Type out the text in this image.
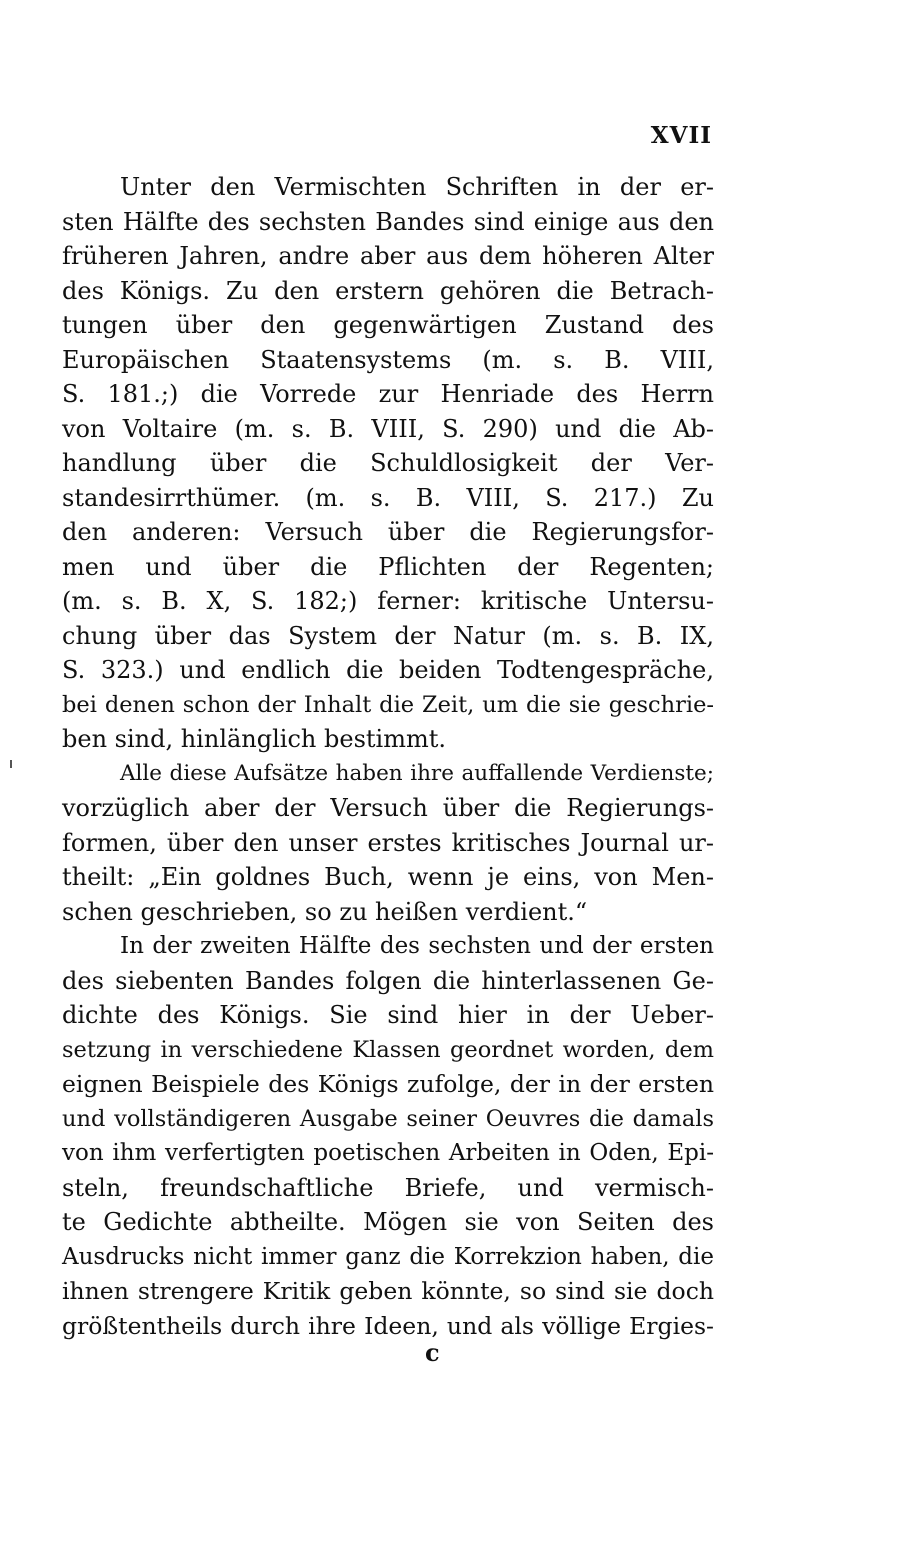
XVII
Unter den Vermischten Schriften in der er-
sten Hälfte des sechsten Bandes sind einige aus den
früheren Jahren, andre aber aus dem höheren Alter
des Königs. Zu den erstern gehören die Betrach-
tungen über den gegenwärtigen Zustand des
Europäischen Staatensystems (m. s. B. VIII,
S. 181.;) die Vorrede zur Henriade des Herrn
von Voltaire (m. s. B. VIII, S. 290) und die Ab-
handlung über die Schuldlosigkeit der Ver-
standesirrthümer. (m. s. B. VIII, S. 217.) Zu
den anderen: Versuch über die Regierungsfor-
men und über die Pflichten der Regenten;
(m. s. B. X, S. 182;) ferner: kritische Untersu-
chung über das System der Natur (m. s. B. IX,
S. 323.) und endlich die beiden Todtengespräche,
bei denen schon der Inhalt die Zeit, um die sie geschrie-
ben sind, hinlänglich bestimmt.
Alle diese Aufsätze haben ihre auffallende Verdienste;
vorzüglich aber der Versuch über die Regierungs-
formen, über den unser erstes kritisches Journal ur-
theilt: „Ein goldnes Buch, wenn je eins, von Men-
schen geschrieben, so zu heißen verdient.“
In der zweiten Hälfte des sechsten und der ersten
des siebenten Bandes folgen die hinterlassenen Ge-
dichte des Königs. Sie sind hier in der Ueber-
setzung in verschiedene Klassen geordnet worden, dem
eignen Beispiele des Königs zufolge, der in der ersten
und vollständigeren Ausgabe seiner Oeuvres die damals
von ihm verfertigten poetischen Arbeiten in Oden, Epi-
steln, freundschaftliche Briefe, und vermisch-
te Gedichte abtheilte. Mögen sie von Seiten des
Ausdrucks nicht immer ganz die Korrekzion haben, die
ihnen strengere Kritik geben könnte, so sind sie doch
größtentheils durch ihre Ideen, und als völlige Ergies-
c
